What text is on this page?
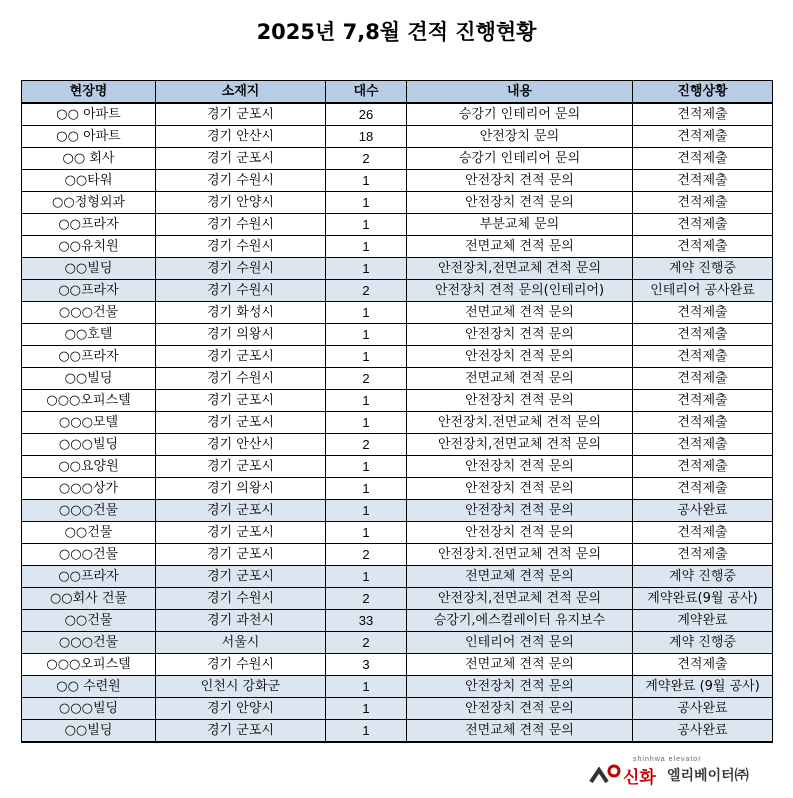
2025년 7,8월 견적 진행현황
현장명	소재지	대수	내용	진행상황
○○ 아파트	경기 군포시	26	승강기 인테리어 문의	견적제출
○○ 아파트	경기 안산시	18	안전장치 문의	견적제출
○○ 회사	경기 군포시	2	승강기 인테리어 문의	견적제출
○○타워	경기 수원시	1	안전장치 견적 문의	견적제출
○○정형외과	경기 안양시	1	안전장치 견적 문의	견적제출
○○프라자	경기 수원시	1	부분교체 문의	견적제출
○○유치원	경기 수원시	1	전면교체 견적 문의	견적제출
○○빌딩	경기 수원시	1	안전장치,전면교체 견적 문의	계약 진행중
○○프라자	경기 수원시	2	안전장치 견적 문의(인테리어)	인테리어 공사완료
○○○건물	경기 화성시	1	전면교체 견적 문의	견적제출
○○호텔	경기 의왕시	1	안전장치 견적 문의	견적제출
○○프라자	경기 군포시	1	안전장치 견적 문의	견적제출
○○빌딩	경기 수원시	2	전면교체 견적 문의	견적제출
○○○오피스텔	경기 군포시	1	안전장치 견적 문의	견적제출
○○○모텔	경기 군포시	1	안전장치.전면교체 견적 문의	견적제출
○○○빌딩	경기 안산시	2	안전장치,전면교체 견적 문의	견적제출
○○요양원	경기 군포시	1	안전장치 견적 문의	견적제출
○○○상가	경기 의왕시	1	안전장치 견적 문의	견적제출
○○○건물	경기 군포시	1	안전장치 견적 문의	공사완료
○○건물	경기 군포시	1	안전장치 견적 문의	견적제출
○○○건물	경기 군포시	2	안전장치.전면교체 견적 문의	견적제출
○○프라자	경기 군포시	1	전면교체 견적 문의	계약 진행중
○○회사 건물	경기 수원시	2	안전장치,전면교체 견적 문의	계약완료(9월 공사)
○○건물	경기 과천시	33	승강기,에스컬레이터 유지보수	계약완료
○○○건물	서울시	2	인테리어 견적 문의	계약 진행중
○○○오피스텔	경기 수원시	3	전면교체 견적 문의	견적제출
○○ 수련원	인천시 강화군	1	안전장치 견적 문의	계약완료 (9월 공사)
○○○빌딩	경기 안양시	1	안전장치 견적 문의	공사완료
○○빌딩	경기 군포시	1	전면교체 견적 문의	공사완료
shinhwa elevator
신화 엘리베이터㈜
